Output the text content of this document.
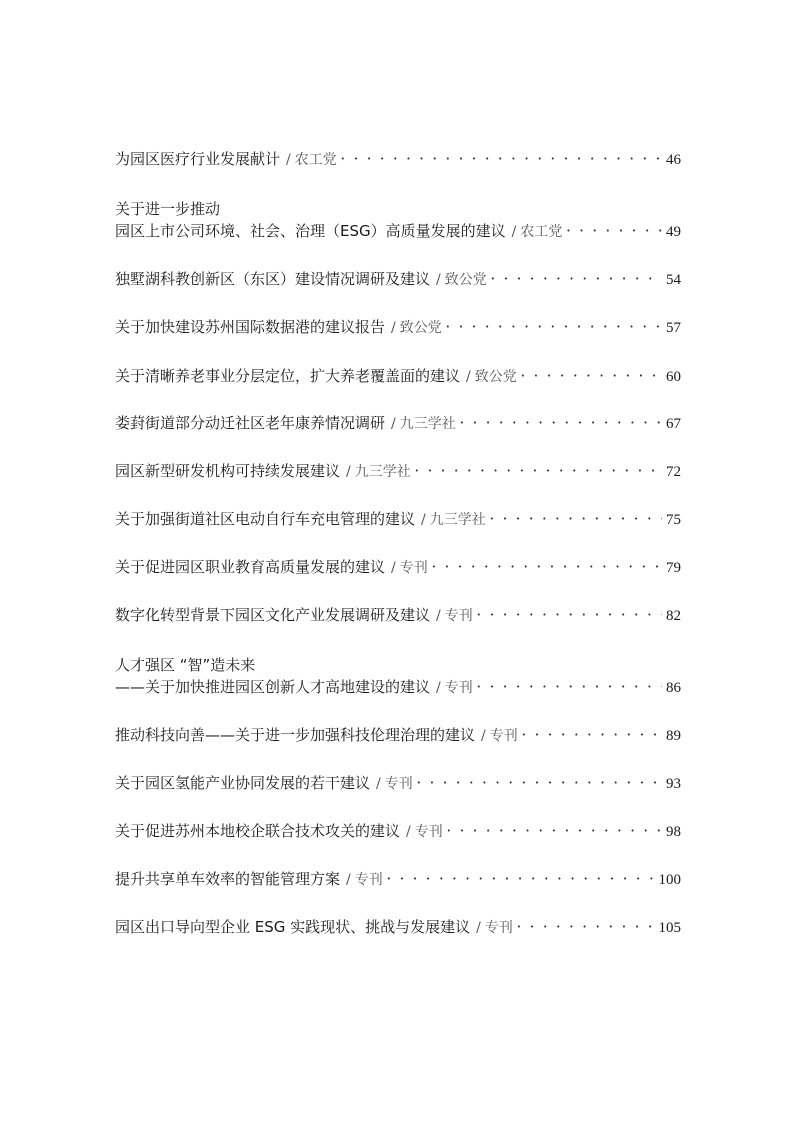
为园区医疗行业发展献计 / 农工党 •••••	46
关于进一步推动
园区上市公司环境、社会、治理（ESG）高质量发展的建议 / 农工党 •••••	49
独墅湖科教创新区（东区）建设情况调研及建议 / 致公党 •••••	54
关于加快建设苏州国际数据港的建议报告 / 致公党 •••••	57
关于清晰养老事业分层定位，扩大养老覆盖面的建议 / 致公党 •••••	60
娄葑街道部分动迁社区老年康养情况调研 / 九三学社 •••••	67
园区新型研发机构可持续发展建议 / 九三学社 •••••	72
关于加强街道社区电动自行车充电管理的建议 / 九三学社 •••••	75
关于促进园区职业教育高质量发展的建议 / 专刊 •••••	79
数字化转型背景下园区文化产业发展调研及建议 / 专刊 •••••	82
人才强区 “智”造未来
——关于加快推进园区创新人才高地建设的建议 / 专刊 •••••	86
推动科技向善——关于进一步加强科技伦理治理的建议 / 专刊 •••••	89
关于园区氢能产业协同发展的若干建议 / 专刊 •••••	93
关于促进苏州本地校企联合技术攻关的建议 / 专刊 •••••	98
提升共享单车效率的智能管理方案 / 专刊 •••••	100
园区出口导向型企业 ESG 实践现状、挑战与发展建议 / 专刊 •••••	105
